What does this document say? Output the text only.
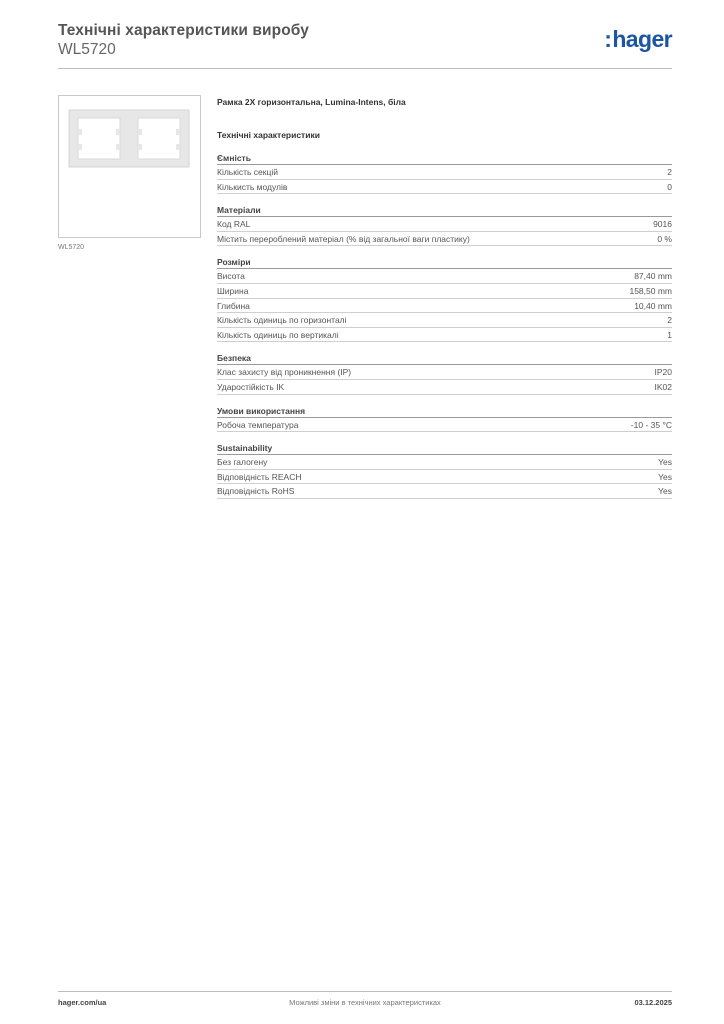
Технічні характеристики виробу
WL5720	:hager
WL5720
Рамка 2X горизонтальна, Lumina-Intens, біла
Технічні характеристики
Ємність
Кількість секцій	2
Кількисть модулів	0
Матеріали
Код RAL	9016
Містить перероблений матеріал (% від загальної ваги пластику)	0 %
Розміри
Висота	87,40 mm
Ширина	158,50 mm
Глибина	10,40 mm
Кількість одиниць по горизонталі	2
Кількість одиниць по вертикалі	1
Безпека
Клас захисту від проникнення (IP)	IP20
Ударостійкість IK	IK02
Умови використання
Робоча температура	-10 - 35 °C
Sustainability
Без галогену	Yes
Відповідність REACH	Yes
Відповідність RoHS	Yes
Можливі зміни в технічних характеристиках
hager.com/ua	03.12.2025
